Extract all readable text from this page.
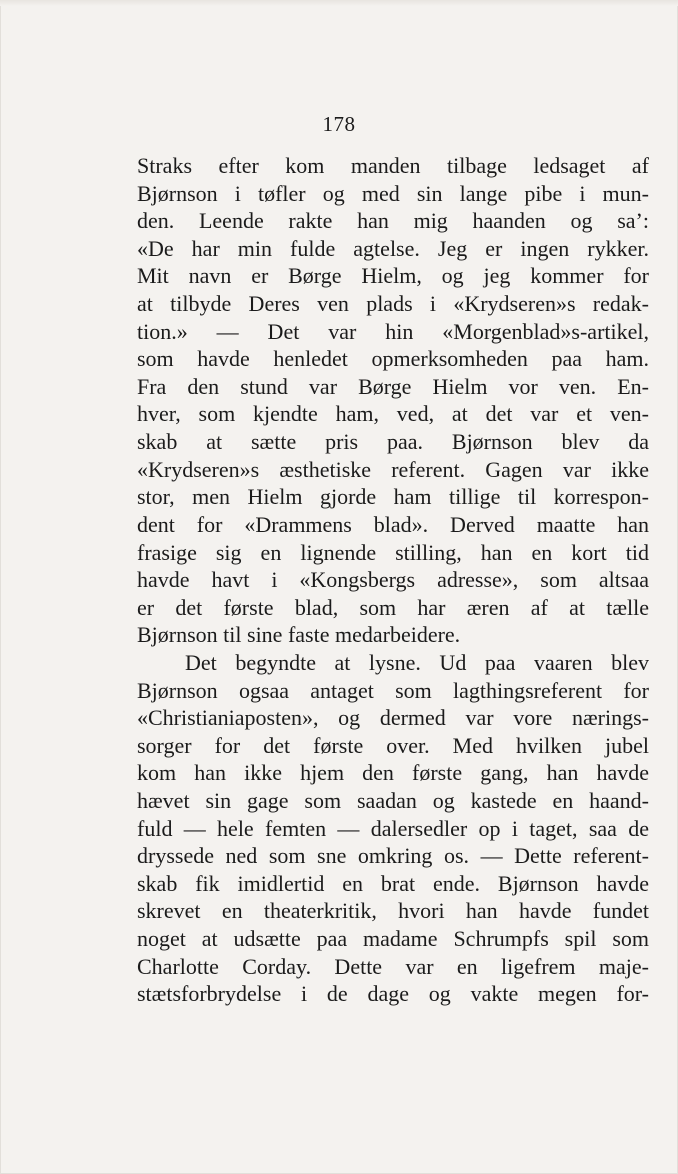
178
Straks efter kom manden tilbage ledsaget af
Bjørnson i tøfler og med sin lange pibe i mun-
den. Leende rakte han mig haanden og sa’:
«De har min fulde agtelse. Jeg er ingen rykker.
Mit navn er Børge Hielm, og jeg kommer for
at tilbyde Deres ven plads i «Krydseren»s redak-
tion.» — Det var hin «Morgenblad»s-artikel,
som havde henledet opmerksomheden paa ham.
Fra den stund var Børge Hielm vor ven. En-
hver, som kjendte ham, ved, at det var et ven-
skab at sætte pris paa. Bjørnson blev da
«Krydseren»s æsthetiske referent. Gagen var ikke
stor, men Hielm gjorde ham tillige til korrespon-
dent for «Drammens blad». Derved maatte han
frasige sig en lignende stilling, han en kort tid
havde havt i «Kongsbergs adresse», som altsaa
er det første blad, som har æren af at tælle
Bjørnson til sine faste medarbeidere.
Det begyndte at lysne. Ud paa vaaren blev
Bjørnson ogsaa antaget som lagthingsreferent for
«Christianiaposten», og dermed var vore nærings-
sorger for det første over. Med hvilken jubel
kom han ikke hjem den første gang, han havde
hævet sin gage som saadan og kastede en haand-
fuld — hele femten — dalersedler op i taget, saa de
dryssede ned som sne omkring os. — Dette referent-
skab fik imidlertid en brat ende. Bjørnson havde
skrevet en theaterkritik, hvori han havde fundet
noget at udsætte paa madame Schrumpfs spil som
Charlotte Corday. Dette var en ligefrem maje-
stætsforbrydelse i de dage og vakte megen for-
